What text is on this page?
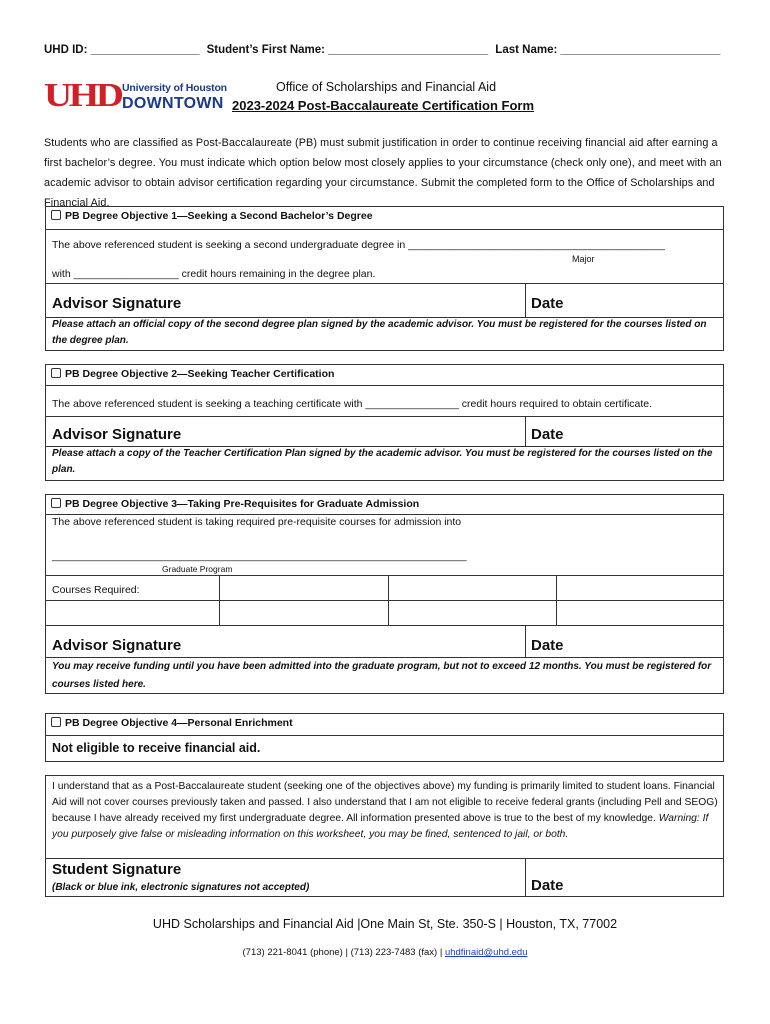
UHD ID: _________________ Student’s First Name: _________________________ Last Name: _________________________
UHD University of Houston
DOWNTOWN
Office of Scholarships and Financial Aid
2023-2024 Post-Baccalaureate Certification Form
Students who are classified as Post-Baccalaureate (PB) must submit justification in order to continue receiving financial aid after earning a first bachelor’s degree. You must indicate which option below most closely applies to your circumstance (check only one), and meet with an academic advisor to obtain advisor certification regarding your circumstance. Submit the completed form to the Office of Scholarships and Financial Aid.
PB Degree Objective 1—Seeking a Second Bachelor’s Degree
The above referenced student is seeking a second undergraduate degree in ____________________________________________
Major
with __________________ credit hours remaining in the degree plan.
Advisor Signature	Date
Please attach an official copy of the second degree plan signed by the academic advisor. You must be registered for the courses listed on the degree plan.
PB Degree Objective 2—Seeking Teacher Certification
The above referenced student is seeking a teaching certificate with ________________ credit hours required to obtain certificate.
Advisor Signature	Date
Please attach a copy of the Teacher Certification Plan signed by the academic advisor. You must be registered for the courses listed on the plan.
PB Degree Objective 3—Taking Pre-Requisites for Graduate Admission
The above referenced student is taking required pre-requisite courses for admission into
_______________________________________________________________________
Graduate Program
Courses Required:
Advisor Signature	Date
You may receive funding until you have been admitted into the graduate program, but not to exceed 12 months. You must be registered for courses listed here.
PB Degree Objective 4—Personal Enrichment
Not eligible to receive financial aid.
I understand that as a Post-Baccalaureate student (seeking one of the objectives above) my funding is primarily limited to student loans. Financial Aid will not cover courses previously taken and passed. I also understand that I am not eligible to receive federal grants (including Pell and SEOG) because I have already received my first undergraduate degree. All information presented above is true to the best of my knowledge. Warning: If you purposely give false or misleading information on this worksheet, you may be fined, sentenced to jail, or both.
Student Signature
(Black or blue ink, electronic signatures not accepted)	Date
UHD Scholarships and Financial Aid |One Main St, Ste. 350-S | Houston, TX, 77002
(713) 221-8041 (phone) | (713) 223-7483 (fax) | uhdfinaid@uhd.edu
